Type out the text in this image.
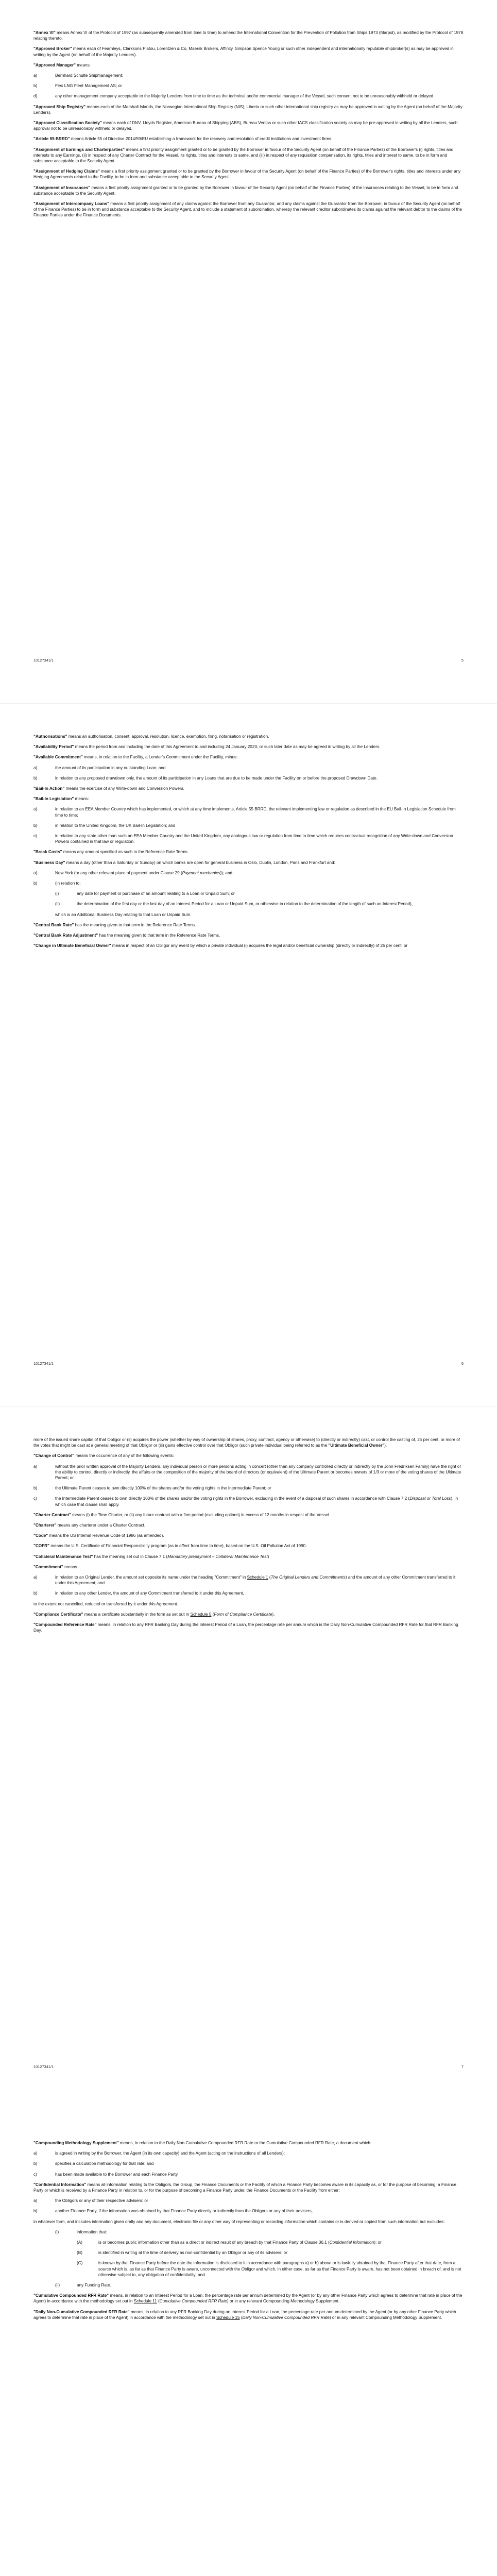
"Annex VI" means Annex VI of the Protocol of 1997 (as subsequently amended from time to time) to amend the International Convention for the Prevention of Pollution from Ships 1973 (Marpol), as modified by the Protocol of 1978 relating thereto.

"Approved Broker" means each of Fearnleys, Clarksons Platou, Lorentzen & Co, Maersk Brokers, Affinity, Simpson Spence Young or such other independent and internationally reputable shipbroker(s) as may be approved in writing by the Agent (on behalf of the Majority Lenders).

"Approved Manager" means:

a)	Bernhard Schulte Shipmanagement;
b)	Flex LNG Fleet Management AS; or
d)	any other management company acceptable to the Majority Lenders from time to time as the technical and/or commercial manager of the Vessel, such consent not to be unreasonably withheld or delayed.

"Approved Ship Registry" means each of the Marshall Islands, the Norwegian International Ship Registry (NIS), Liberia or such other international ship registry as may be approved in writing by the Agent (on behalf of the Majority Lenders).

"Approved Classification Society" means each of DNV, Lloyds Register, American Bureau of Shipping (ABS), Bureau Veritas or such other IACS classification society as may be pre-approved in writing by all the Lenders, such approval not to be unreasonably withheld or delayed.

"Article 55 BRRD" means Article 55 of Directive 2014/59/EU establishing a framework for the recovery and resolution of credit institutions and investment firms.

"Assignment of Earnings and Charterparties" means a first priority assignment granted or to be granted by the Borrower in favour of the Security Agent (on behalf of the Finance Parties) of the Borrower's (i) rights, titles and interests to any Earnings, (ii) in respect of any Charter Contract for the Vessel, its rights, titles and interests to same, and (iii) in respect of any requisition compensation, its rights, titles and interest to same, to be in form and substance acceptable to the Security Agent.

"Assignment of Hedging Claims" means a first priority assignment granted or to be granted by the Borrower in favour of the Security Agent (on behalf of the Finance Parties) of the Borrower's rights, titles and interests under any Hedging Agreements related to the Facility, to be in form and substance acceptable to the Security Agent.

"Assignment of Insurances" means a first priority assignment granted or to be granted by the Borrower in favour of the Security Agent (on behalf of the Finance Parties) of the Insurances relating to the Vessel, to be in form and substance acceptable to the Security Agent.

"Assignment of Intercompany Loans" means a first priority assignment of any claims against the Borrower from any Guarantor, and any claims against the Guarantor from the Borrower, in favour of the Security Agent (on behalf of the Finance Parties) to be in form and substance acceptable to the Security Agent, and to include a statement of subordination, whereby the relevant creditor subordinates its claims against the relevant debtor to the claims of the Finance Parties under the Finance Documents.

10127341/1	5

"Authorisations" means an authorisation, consent, approval, resolution, licence, exemption, filing, notarisation or registration.

"Availability Period" means the period from and including the date of this Agreement to and including 24 January 2023, or such later date as may be agreed in writing by all the Lenders.

"Available Commitment" means, in relation to the Facility, a Lender's Commitment under the Facility, minus:

a)	the amount of its participation in any outstanding Loan; and
b)	in relation to any proposed drawdown only, the amount of its participation in any Loans that are due to be made under the Facility on or before the proposed Drawdown Date.

"Bail-In Action" means the exercise of any Write-down and Conversion Powers.

"Bail-In Legislation" means:

a)	in relation to an EEA Member Country which has implemented, or which at any time implements, Article 55 BRRD, the relevant implementing law or regulation as described in the EU Bail-In Legislation Schedule from time to time;
b)	in relation to the United Kingdom, the UK Bail-In Legislation; and
c)	in relation to any state other than such an EEA Member Country and the United Kingdom, any analogous law or regulation from time to time which requires contractual recognition of any Write-down and Conversion Powers contained in that law or regulation.

"Break Costs" means any amount specified as such in the Reference Rate Terms.

"Business Day" means a day (other than a Saturday or Sunday) on which banks are open for general business in Oslo, Dublin, London, Paris and Frankfurt and:

a)	New York (or any other relevant place of payment under Clause 29 (Payment mechanics)); and
b)	(in relation to:
(i)	any date for payment or purchase of an amount relating to a Loan or Unpaid Sum; or
(ii)	the determination of the first day or the last day of an Interest Period for a Loan or Unpaid Sum, or otherwise in relation to the determination of the length of such an Interest Period),

which is an Additional Business Day relating to that Loan or Unpaid Sum.

"Central Bank Rate" has the meaning given to that term in the Reference Rate Terms.

"Central Bank Rate Adjustment" has the meaning given to that term in the Reference Rate Terms.

"Change in Ultimate Beneficial Owner" means in respect of an Obligor any event by which a private individual (i) acquires the legal and/or beneficial ownership (directly or indirectly) of 25 per cent. or

10127341/1	6

more of the issued share capital of that Obligor or (ii) acquires the power (whether by way of ownership of shares, proxy, contract, agency or otherwise) to (directly or indirectly) cast, or control the casting of, 25 per cent. or more of the votes that might be cast at a general meeting of that Obligor or (iii) gains effective control over that Obligor (such private individual being referred to as the "Ultimate Beneficial Owner").

"Change of Control" means the occurrence of any of the following events:

a)	without the prior written approval of the Majority Lenders, any individual person or more persons acting in concert (other than any company controlled directly or indirectly by the John Fredriksen Family) have the right or the ability to control, directly or indirectly, the affairs or the composition of the majority of the board of directors (or equivalent) of the Ultimate Parent or becomes owners of 1/3 or more of the voting shares of the Ultimate Parent; or
b)	the Ultimate Parent ceases to own directly 100% of the shares and/or the voting rights in the Intermediate Parent; or
c)	the Intermediate Parent ceases to own directly 100% of the shares and/or the voting rights in the Borrower, excluding in the event of a disposal of such shares in accordance with Clause 7.2 (Disposal or Total Loss), in which case that clause shall apply.

"Charter Contract" means (i) the Time Charter, or (ii) any future contract with a firm period (excluding options) in excess of 12 months in respect of the Vessel.

"Charterer" means any charterer under a Charter Contract.

"Code" means the US Internal Revenue Code of 1986 (as amended).

"COFR" means the U.S. Certificate of Financial Responsibility program (as in effect from time to time), based on the U.S. Oil Pollution Act of 1990.

"Collateral Maintenance Test" has the meaning set out in Clause 7.1 (Mandatory prepayment – Collateral Maintenance Test)

"Commitment" means

a)	in relation to an Original Lender, the amount set opposite its name under the heading "Commitment" in Schedule 1 (The Original Lenders and Commitments) and the amount of any other Commitment transferred to it under this Agreement; and
b)	in relation to any other Lender, the amount of any Commitment transferred to it under this Agreement,

to the extent not cancelled, reduced or transferred by it under this Agreement.

"Compliance Certificate" means a certificate substantially in the form as set out in Schedule 5 (Form of Compliance Certificate).

"Compounded Reference Rate" means, in relation to any RFR Banking Day during the Interest Period of a Loan, the percentage rate per annum which is the Daily Non-Cumulative Compounded RFR Rate for that RFR Banking Day.

10127341/1	7

"Compounding Methodology Supplement" means, in relation to the Daily Non-Cumulative Compounded RFR Rate or the Cumulative Compounded RFR Rate, a document which:

a)	is agreed in writing by the Borrower, the Agent (in its own capacity) and the Agent (acting on the instructions of all Lenders);
b)	specifies a calculation methodology for that rate; and
c)	has been made available to the Borrower and each Finance Party.

"Confidential Information" means all information relating to the Obligors, the Group, the Finance Documents or the Facility of which a Finance Party becomes aware in its capacity as, or for the purpose of becoming, a Finance Party or which is received by a Finance Party in relation to, or for the purpose of becoming a Finance Party under, the Finance Documents or the Facility from either:

a)	the Obligors or any of their respective advisers; or
b)	another Finance Party, if the information was obtained by that Finance Party directly or indirectly from the Obligors or any of their advisers,

in whatever form, and includes information given orally and any document, electronic file or any other way of representing or recording information which contains or is derived or copied from such information but excludes:

(i)	information that:
(A)	is or becomes public information other than as a direct or indirect result of any breach by that Finance Party of Clause 36.1 (Confidential Information); or
(B)	is identified in writing at the time of delivery as non-confidential by an Obligor or any of its advisers; or
(C)	is known by that Finance Party before the date the information is disclosed to it in accordance with paragraphs a) or b) above or is lawfully obtained by that Finance Party after that date, from a source which is, as far as that Finance Party is aware, unconnected with the Obligor and which, in either case, as far as that Finance Party is aware, has not been obtained in breach of, and is not otherwise subject to, any obligation of confidentiality; and
(ii)	any Funding Rate.

"Cumulative Compounded RFR Rate" means, in relation to an Interest Period for a Loan, the percentage rate per annum determined by the Agent (or by any other Finance Party which agrees to determine that rate in place of the Agent) in accordance with the methodology set out in Schedule 11 (Cumulative Compounded RFR Rate) or in any relevant Compounding Methodology Supplement.

"Daily Non-Cumulative Compounded RFR Rate" means, in relation to any RFR Banking Day during an Interest Period for a Loan, the percentage rate per annum determined by the Agent (or by any other Finance Party which agrees to determine that rate in place of the Agent) in accordance with the methodology set out in Schedule 15 (Daily Non-Cumulative Compounded RFR Rate) or in any relevant Compounding Methodology Supplement.
